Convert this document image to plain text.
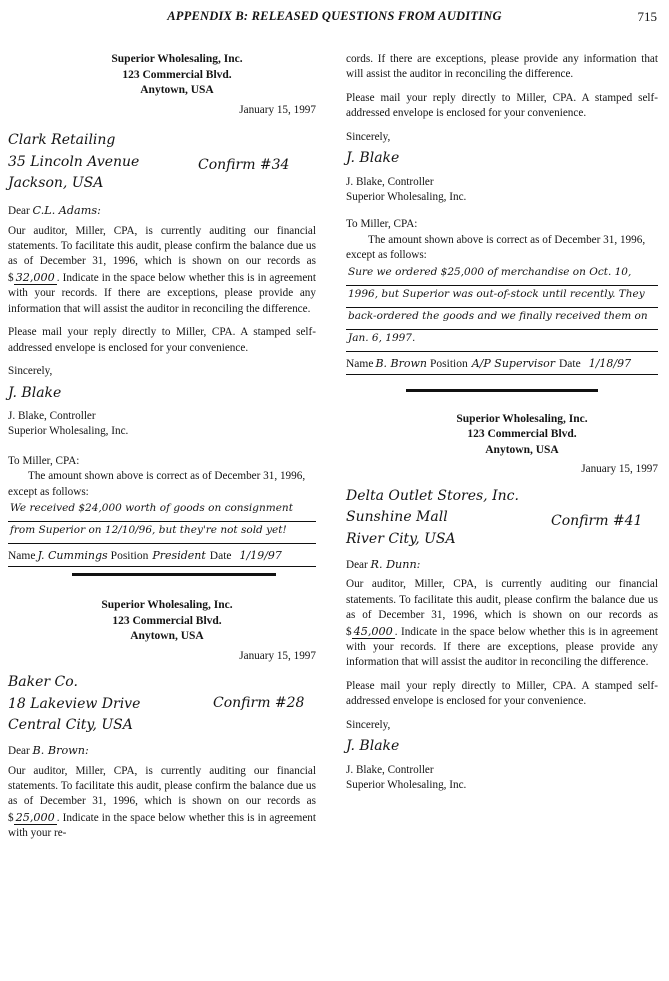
APPENDIX B: RELEASED QUESTIONS FROM AUDITING	715
Superior Wholesaling, Inc.
123 Commercial Blvd.
Anytown, USA
January 15, 1997
Clark Retailing
35 Lincoln Avenue
Jackson, USA
Confirm #34
Dear C.L. Adams:

Our auditor, Miller, CPA, is currently auditing our financial statements. To facilitate this audit, please confirm the balance due us as of December 31, 1996, which is shown on our records as $ 32,000 . Indicate in the space below whether this is in agreement with your records. If there are exceptions, please provide any information that will assist the auditor in reconciling the difference.

Please mail your reply directly to Miller, CPA. A stamped self-addressed envelope is enclosed for your convenience.

Sincerely,
J. Blake
J. Blake, Controller
Superior Wholesaling, Inc.
To Miller, CPA:
The amount shown above is correct as of December 31, 1996, except as follows:
We received $24,000 worth of goods on consignment
from Superior on 12/10/96, but they're not sold yet!
Name J. Cummings Position President Date 1/19/97
Superior Wholesaling, Inc.
123 Commercial Blvd.
Anytown, USA
January 15, 1997
Baker Co.
18 Lakeview Drive
Central City, USA
Confirm #28
Dear B. Brown:

Our auditor, Miller, CPA, is currently auditing our financial statements. To facilitate this audit, please confirm the balance due us as of December 31, 1996, which is shown on our records as $ 25,000 . Indicate in the space below whether this is in agreement with your re-

cords. If there are exceptions, please provide any information that will assist the auditor in reconciling the difference.

Please mail your reply directly to Miller, CPA. A stamped self-addressed envelope is enclosed for your convenience.

Sincerely,
J. Blake
J. Blake, Controller
Superior Wholesaling, Inc.
To Miller, CPA:
The amount shown above is correct as of December 31, 1996, except as follows:
Sure we ordered $25,000 of merchandise on Oct. 10,
1996, but Superior was out-of-stock until recently. They
back-ordered the goods and we finally received them on
Jan. 6, 1997.
Name B. Brown Position A/P Supervisor Date 1/18/97
Superior Wholesaling, Inc.
123 Commercial Blvd.
Anytown, USA
January 15, 1997
Delta Outlet Stores, Inc.
Sunshine Mall
River City, USA
Confirm #41
Dear R. Dunn:

Our auditor, Miller, CPA, is currently auditing our financial statements. To facilitate this audit, please confirm the balance due us as of December 31, 1996, which is shown on our records as $ 45,000 . Indicate in the space below whether this is in agreement with your records. If there are exceptions, please provide any information that will assist the auditor in reconciling the difference.

Please mail your reply directly to Miller, CPA. A stamped self-addressed envelope is enclosed for your convenience.

Sincerely,
J. Blake
J. Blake, Controller
Superior Wholesaling, Inc.
